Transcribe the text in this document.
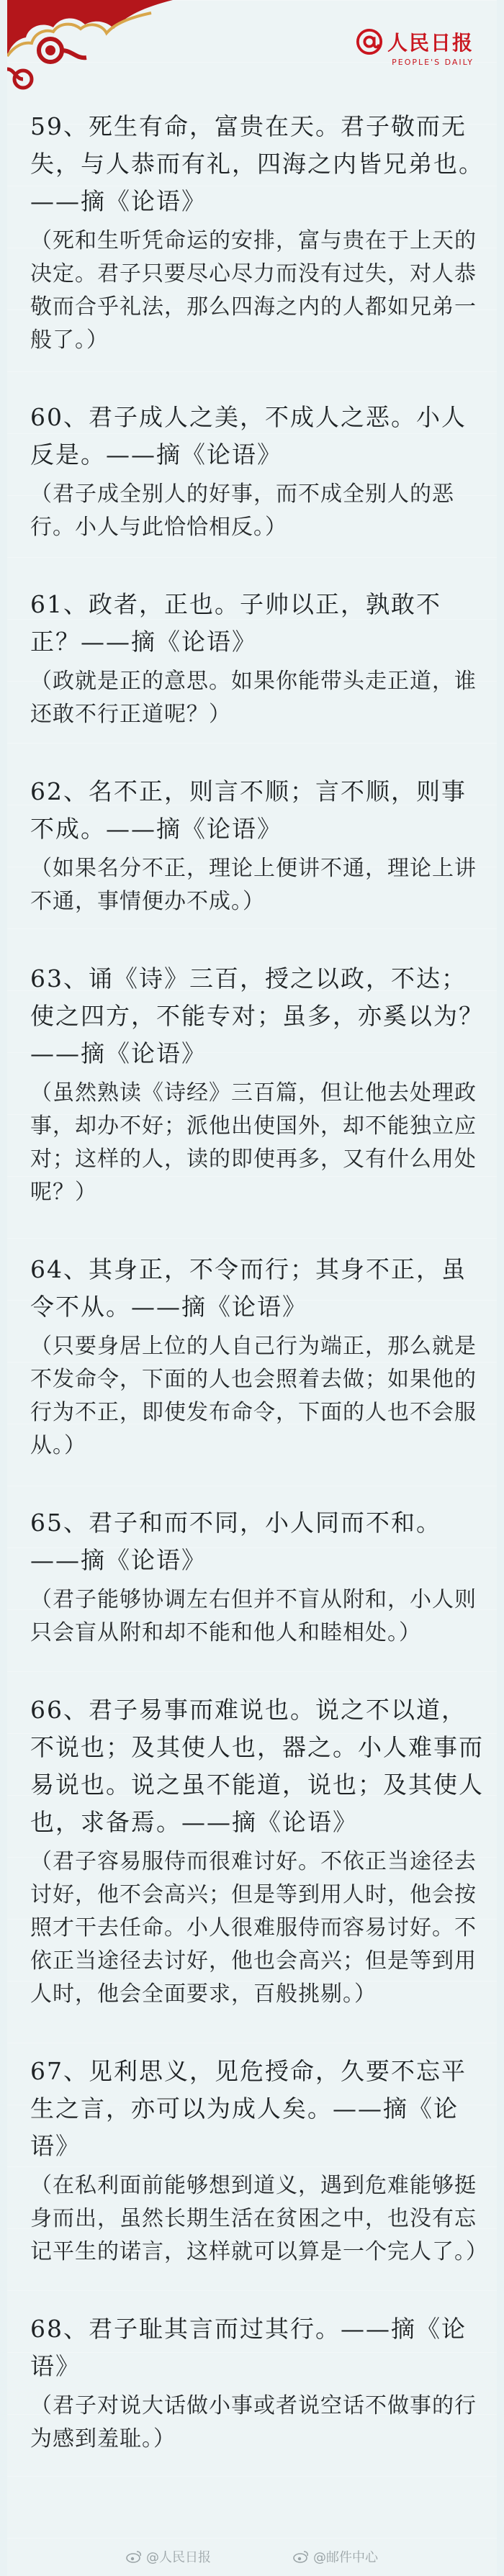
人民日报
PEOPLE'S DAILY

59、死生有命，富贵在天。君子敬而无失，与人恭而有礼，四海之内皆兄弟也。——摘《论语》

（死和生听凭命运的安排，富与贵在于上天的决定。君子只要尽心尽力而没有过失，对人恭敬而合乎礼法，那么四海之内的人都如兄弟一般了。）

60、君子成人之美，不成人之恶。小人反是。——摘《论语》

（君子成全别人的好事，而不成全别人的恶行。小人与此恰恰相反。）

61、政者，正也。子帅以正，孰敢不正？——摘《论语》

（政就是正的意思。如果你能带头走正道，谁还敢不行正道呢？）

62、名不正，则言不顺；言不顺，则事不成。——摘《论语》

（如果名分不正，理论上便讲不通，理论上讲不通，事情便办不成。）

63、诵《诗》三百，授之以政，不达；使之四方，不能专对；虽多，亦奚以为？——摘《论语》

（虽然熟读《诗经》三百篇，但让他去处理政事，却办不好；派他出使国外，却不能独立应对；这样的人，读的即使再多，又有什么用处呢？）

64、其身正，不令而行；其身不正，虽令不从。——摘《论语》

（只要身居上位的人自己行为端正，那么就是不发命令，下面的人也会照着去做；如果他的行为不正，即使发布命令，下面的人也不会服从。）

65、君子和而不同，小人同而不和。——摘《论语》

（君子能够协调左右但并不盲从附和，小人则只会盲从附和却不能和他人和睦相处。）

66、君子易事而难说也。说之不以道，不说也；及其使人也，器之。小人难事而易说也。说之虽不能道，说也；及其使人也，求备焉。——摘《论语》

（君子容易服侍而很难讨好。不依正当途径去讨好，他不会高兴；但是等到用人时，他会按照才干去任命。小人很难服侍而容易讨好。不依正当途径去讨好，他也会高兴；但是等到用人时，他会全面要求，百般挑剔。）

67、见利思义，见危授命，久要不忘平生之言，亦可以为成人矣。——摘《论语》

（在私利面前能够想到道义，遇到危难能够挺身而出，虽然长期生活在贫困之中，也没有忘记平生的诺言，这样就可以算是一个完人了。）

68、君子耻其言而过其行。——摘《论语》

（君子对说大话做小事或者说空话不做事的行为感到羞耻。）

@人民日报	@邮件中心
